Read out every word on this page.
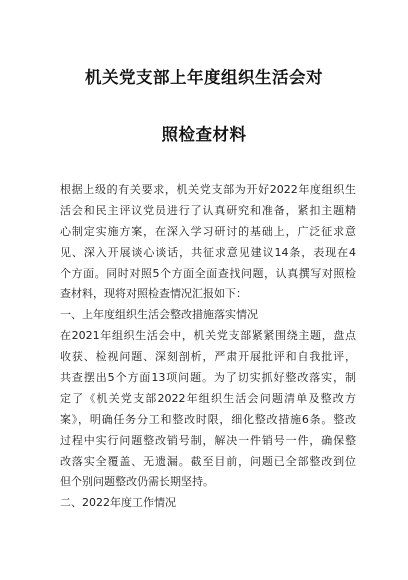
机关党支部上年度组织生活会对
照检查材料
根据上级的有关要求，机关党支部为开好2022年度组织生
活会和民主评议党员进行了认真研究和准备，紧扣主题精
心制定实施方案，在深入学习研讨的基础上，广泛征求意
见、深入开展谈心谈话，共征求意见建议14条，表现在4
个方面。同时对照5个方面全面查找问题，认真撰写对照检
查材料，现将对照检查情况汇报如下：
一、上年度组织生活会整改措施落实情况
在2021年组织生活会中，机关党支部紧紧围绕主题，盘点
收获、检视问题、深刻剖析，严肃开展批评和自我批评，
共查摆出5个方面13项问题。为了切实抓好整改落实，制
定了《机关党支部2022年组织生活会问题清单及整改方
案》，明确任务分工和整改时限，细化整改措施6条。整改
过程中实行问题整改销号制，解决一件销号一件，确保整
改落实全覆盖、无遗漏。截至目前，问题已全部整改到位
但个别问题整改仍需长期坚持。
二、2022年度工作情况
